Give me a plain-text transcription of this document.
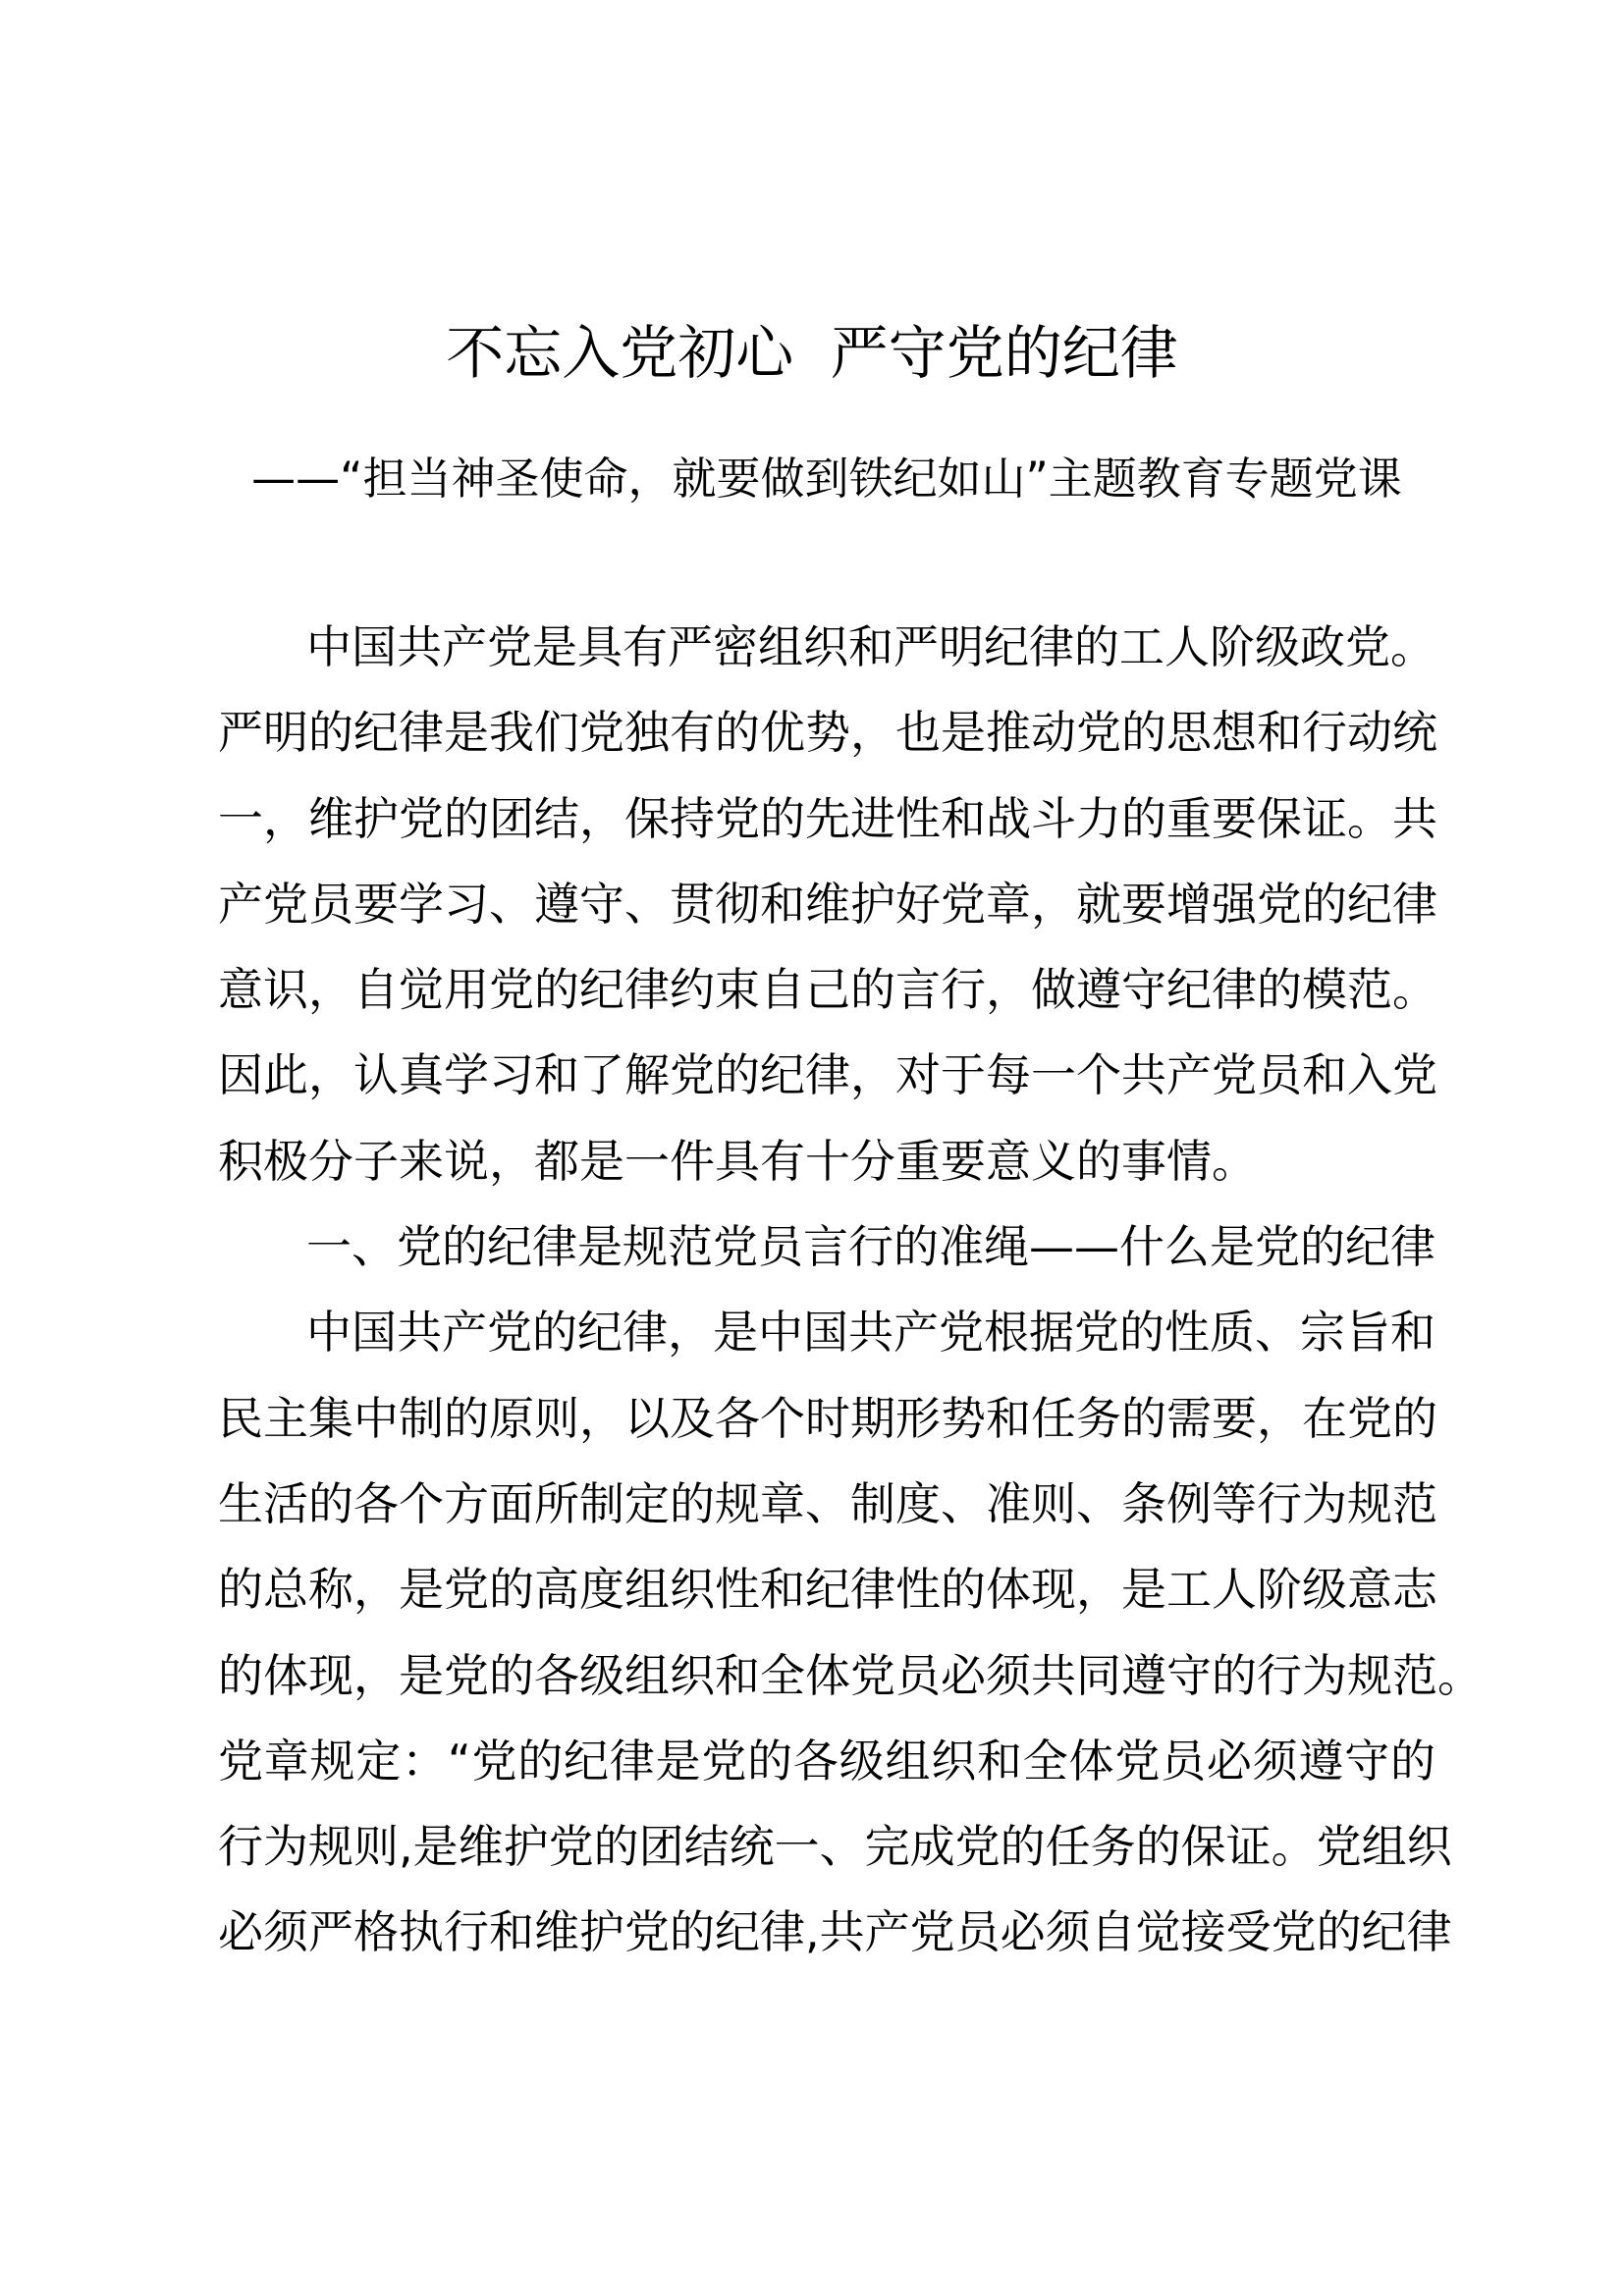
不忘入党初心  严守党的纪律
——“担当神圣使命，就要做到铁纪如山”主题教育专题党课
中国共产党是具有严密组织和严明纪律的工人阶级政党。
严明的纪律是我们党独有的优势，也是推动党的思想和行动统
一，维护党的团结，保持党的先进性和战斗力的重要保证。共
产党员要学习、遵守、贯彻和维护好党章，就要增强党的纪律
意识，自觉用党的纪律约束自己的言行，做遵守纪律的模范。
因此，认真学习和了解党的纪律，对于每一个共产党员和入党
积极分子来说，都是一件具有十分重要意义的事情。
一、党的纪律是规范党员言行的准绳——什么是党的纪律
中国共产党的纪律，是中国共产党根据党的性质、宗旨和
民主集中制的原则，以及各个时期形势和任务的需要，在党的
生活的各个方面所制定的规章、制度、准则、条例等行为规范
的总称，是党的高度组织性和纪律性的体现，是工人阶级意志
的体现，是党的各级组织和全体党员必须共同遵守的行为规范。
党章规定：“党的纪律是党的各级组织和全体党员必须遵守的
行为规则,是维护党的团结统一、完成党的任务的保证。党组织
必须严格执行和维护党的纪律,共产党员必须自觉接受党的纪律
